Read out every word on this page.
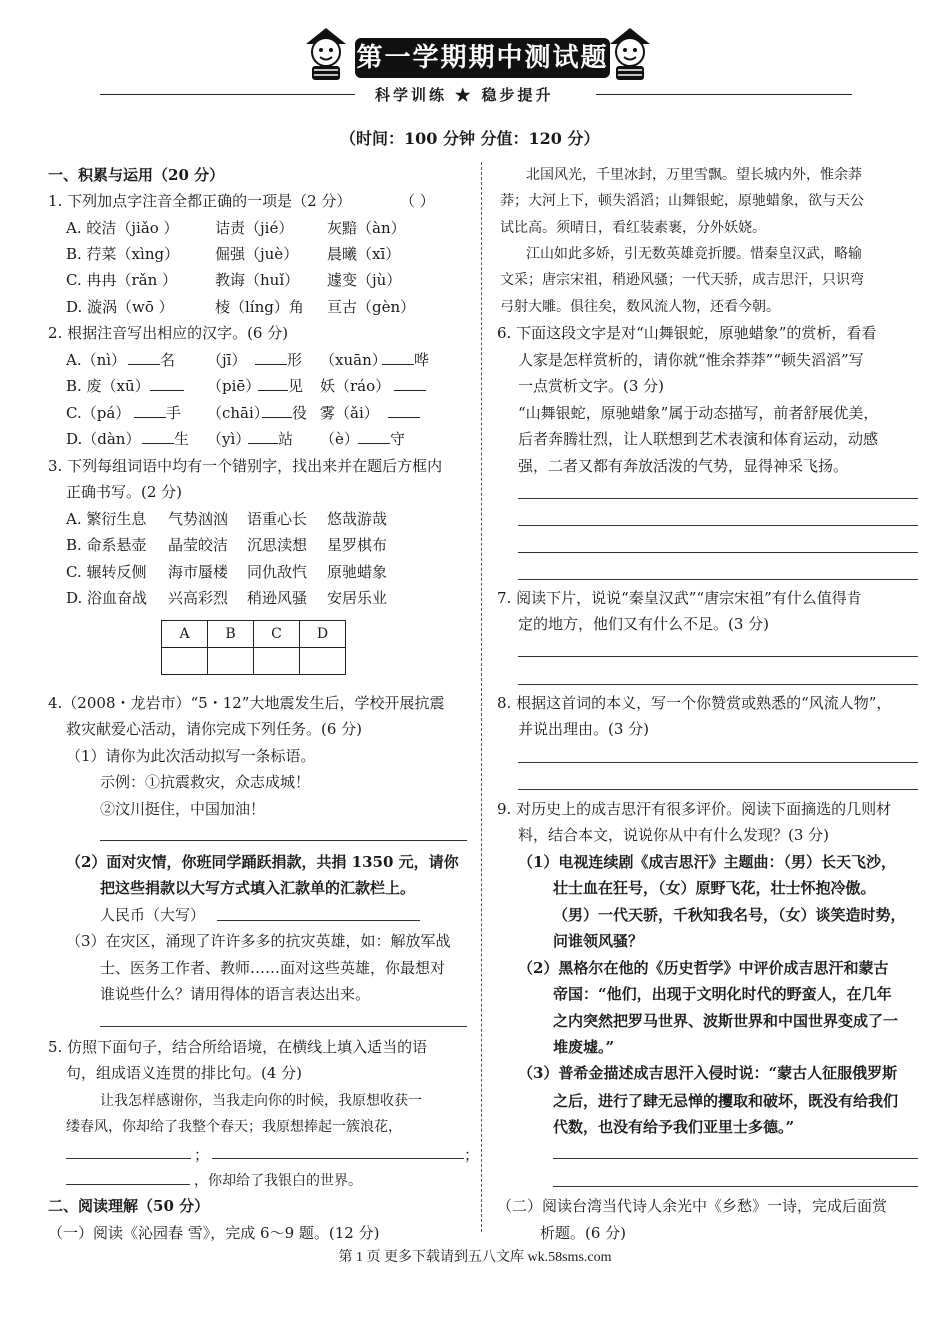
第一学期期中测试题
科学训练 ★ 稳步提升
（时间：100 分钟 分值：120 分）
一、积累与运用（20 分）
1. 下列加点字注音全都正确的一项是（2 分）	（ ）
A. 皎洁（jiǎo ） 诘责（jié） 灰黯（àn）
B. 荇菜（xìng） 倔强（juè） 晨曦（xī）
C. 冉冉（rǎn ）	教诲（huǐ） 遽变（jù）
D. 漩涡（wō ）	棱（líng）角 亘古（gèn）
2. 根据注音写出相应的汉字。(6 分)
A.（nì）	名 （jī）	形 （xuān）	哗
B. 废（xū）	（piē）	见 妖（ráo）
C.（pá）	手 （chāi）	役 雾（ǎi）
D.（dàn）	生 （yì）	站 （è）	守
3. 下列每组词语中均有一个错别字，找出来并在题后方框内
正确书写。(2 分)
A. 繁衍生息 气势汹汹 语重心长 悠哉游哉
B. 命系悬壶 晶莹皎洁 沉思渎想 星罗棋布
C. 辗转反侧 海市蜃楼 同仇敌忾 原驰蜡象
D. 浴血奋战 兴高彩烈 稍逊风骚 安居乐业
A	B	C	D

4.（2008・龙岩市）“5・12”大地震发生后，学校开展抗震
救灾献爱心活动，请你完成下列任务。(6 分)
（1）请你为此次活动拟写一条标语。
示例：①抗震救灾，众志成城！
②汶川挺住，中国加油！
（2）面对灾情，你班同学踊跃捐款，共捐 1350 元，请你
把这些捐款以大写方式填入汇款单的汇款栏上。
人民币（大写）
（3）在灾区，涌现了许许多多的抗灾英雄，如：解放军战
士、医务工作者、教师……面对这些英雄，你最想对
谁说些什么？请用得体的语言表达出来。
5. 仿照下面句子，结合所给语境，在横线上填入适当的语
句，组成语义连贯的排比句。(4 分)
让我怎样感谢你，当我走向你的时候，我原想收获一
缕春风，你却给了我整个春天；我原想捧起一簇浪花，
；	；
，你却给了我银白的世界。
二、阅读理解（50 分）
（一）阅读《沁园春 雪》，完成 6～9 题。(12 分)
北国风光，千里冰封，万里雪飘。望长城内外，惟余莽
莽；大河上下，顿失滔滔；山舞银蛇，原驰蜡象，欲与天公
试比高。须晴日，看红装素裹，分外妖娆。
江山如此多娇，引无数英雄竞折腰。惜秦皇汉武，略输
文采；唐宗宋祖，稍逊风骚；一代天骄，成吉思汗，只识弯
弓射大雕。俱往矣，数风流人物，还看今朝。
6. 下面这段文字是对“山舞银蛇，原驰蜡象”的赏析，看看
人家是怎样赏析的，请你就“惟余莽莽”“顿失滔滔”写
一点赏析文字。(3 分)
“山舞银蛇，原驰蜡象”属于动态描写，前者舒展优美，
后者奔腾壮烈，让人联想到艺术表演和体育运动，动感
强，二者又都有奔放活泼的气势，显得神采飞扬。
7. 阅读下片，说说“秦皇汉武”“唐宗宋祖”有什么值得肯
定的地方，他们又有什么不足。(3 分)
8. 根据这首词的本义，写一个你赞赏或熟悉的“风流人物”，
并说出理由。(3 分)
9. 对历史上的成吉思汗有很多评价。阅读下面摘选的几则材
料，结合本文，说说你从中有什么发现？(3 分)
（1）电视连续剧《成吉思汗》主题曲：（男）长天飞沙，
壮士血在狂号，（女）原野飞花，壮士怀抱冷傲。
（男）一代天骄，千秋知我名号，（女）谈笑造时势，
问谁领风骚？
（2）黑格尔在他的《历史哲学》中评价成吉思汗和蒙古
帝国：“他们，出现于文明化时代的野蛮人，在几年
之内突然把罗马世界、波斯世界和中国世界变成了一
堆废墟。”
（3）普希金描述成吉思汗入侵时说：“蒙古人征服俄罗斯
之后，进行了肆无忌惮的攫取和破坏，既没有给我们
代数，也没有给予我们亚里士多德。”
（二）阅读台湾当代诗人余光中《乡愁》一诗，完成后面赏
析题。(6 分)
第 1 页 更多下载请到五八文库 wk.58sms.com
